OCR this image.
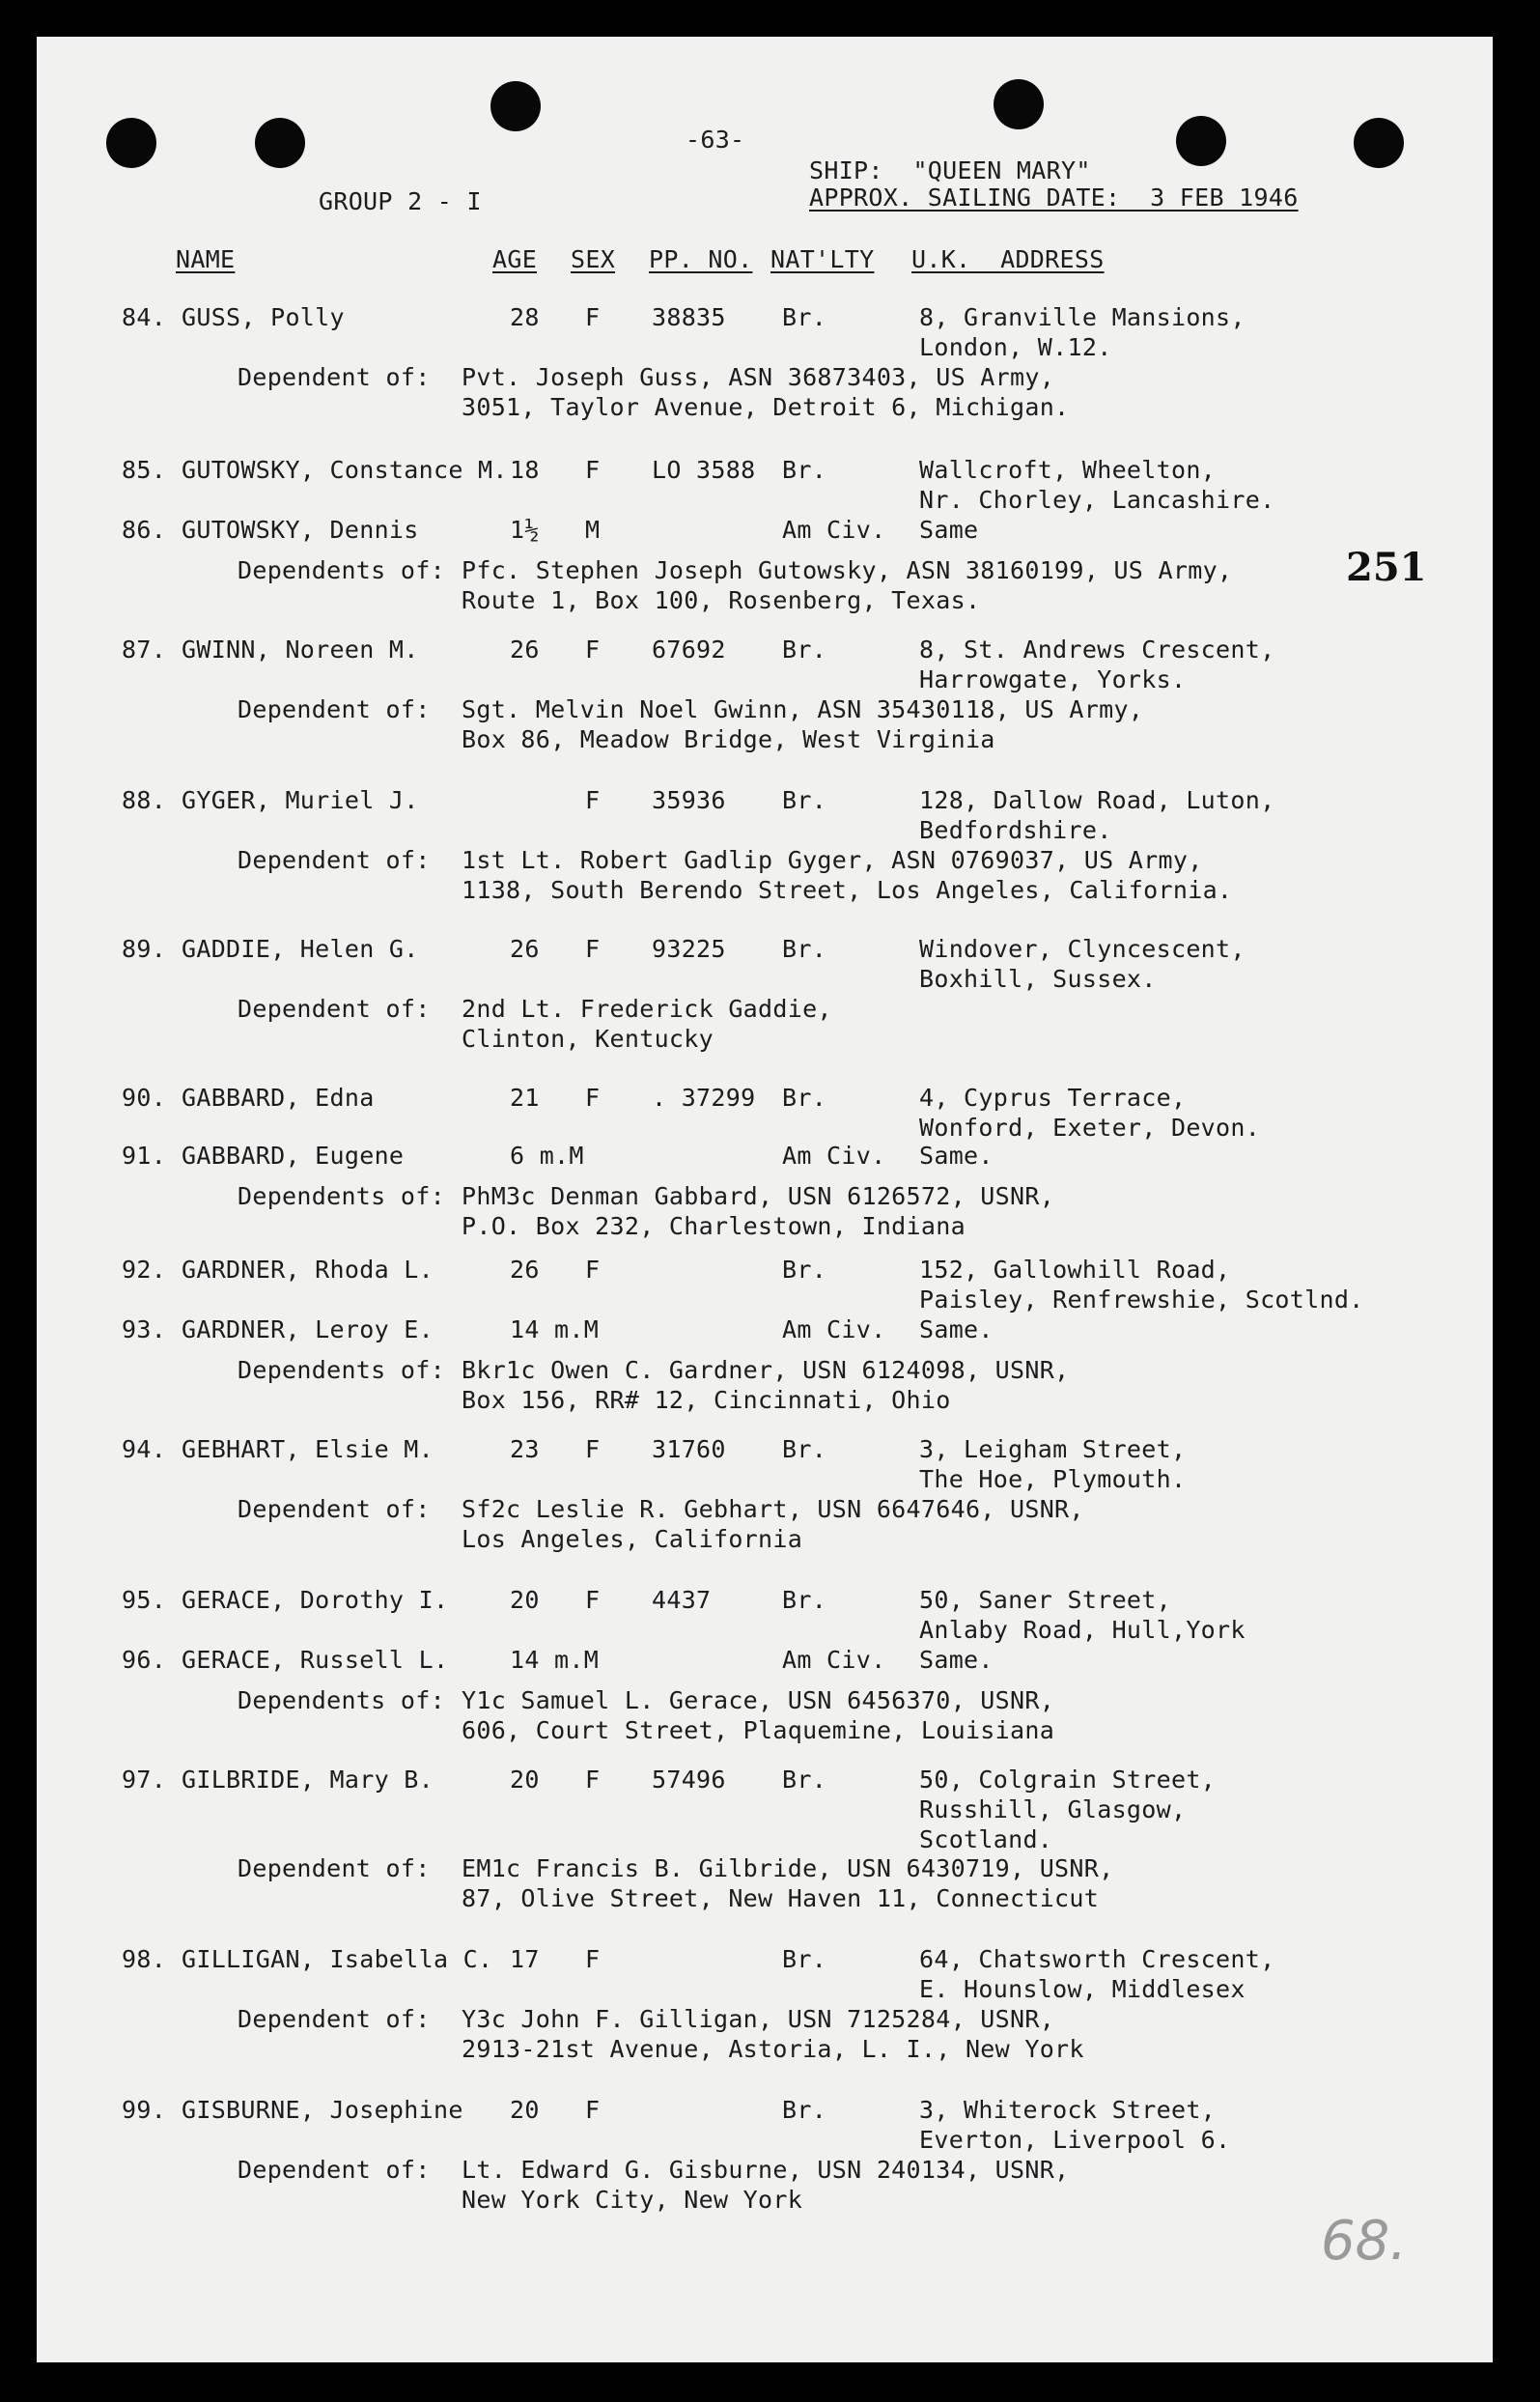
-63-
SHIP:  "QUEEN MARY"
GROUP 2 - I	APPROX. SAILING DATE:  3 FEB 1946
NAME	AGE SEX PP. NO. NAT'LTY U.K.  ADDRESS
84. GUSS, Polly	28 F 38835 Br.	8, Granville Mansions,
London, W.12.
Dependent of: Pvt. Joseph Guss, ASN 36873403, US Army,
3051, Taylor Avenue, Detroit 6, Michigan.
85. GUTOWSKY, Constance M. 18 F LO 3588 Br.	Wallcroft, Wheelton,
Nr. Chorley, Lancashire.
86. GUTOWSKY, Dennis	1½ M	Am Civ. Same
Dependents of: Pfc. Stephen Joseph Gutowsky, ASN 38160199, US Army,
Route 1, Box 100, Rosenberg, Texas.
87. GWINN, Noreen M.	26 F 67692 Br.	8, St. Andrews Crescent,
Harrowgate, Yorks.
Dependent of: Sgt. Melvin Noel Gwinn, ASN 35430118, US Army,
Box 86, Meadow Bridge, West Virginia
88. GYGER, Muriel J.	F 35936 Br.	128, Dallow Road, Luton,
Bedfordshire.
Dependent of: 1st Lt. Robert Gadlip Gyger, ASN 0769037, US Army,
1138, South Berendo Street, Los Angeles, California.
89. GADDIE, Helen G.	26 F 93225 Br.	Windover, Clyncescent,
Boxhill, Sussex.
Dependent of: 2nd Lt. Frederick Gaddie,
Clinton, Kentucky
90. GABBARD, Edna	21 F . 37299 Br.	4, Cyprus Terrace,
Wonford, Exeter, Devon.
91. GABBARD, Eugene	6 m.M	Am Civ. Same.
Dependents of: PhM3c Denman Gabbard, USN 6126572, USNR,
P.O. Box 232, Charlestown, Indiana
92. GARDNER, Rhoda L.	26 F	Br.	152, Gallowhill Road,
Paisley, Renfrewshie, Scotlnd.
93. GARDNER, Leroy E.	14 m.M	Am Civ. Same.
Dependents of: Bkr1c Owen C. Gardner, USN 6124098, USNR,
Box 156, RR# 12, Cincinnati, Ohio
94. GEBHART, Elsie M.	23 F 31760 Br.	3, Leigham Street,
The Hoe, Plymouth.
Dependent of: Sf2c Leslie R. Gebhart, USN 6647646, USNR,
Los Angeles, California
95. GERACE, Dorothy I.	20 F 4437	Br.	50, Saner Street,
Anlaby Road, Hull,York
96. GERACE, Russell L.	14 m.M	Am Civ. Same.
Dependents of: Y1c Samuel L. Gerace, USN 6456370, USNR,
606, Court Street, Plaquemine, Louisiana
97. GILBRIDE, Mary B.	20 F 57496 Br.	50, Colgrain Street,
Russhill, Glasgow,
Scotland.
Dependent of: EM1c Francis B. Gilbride, USN 6430719, USNR,
87, Olive Street, New Haven 11, Connecticut
98. GILLIGAN, Isabella C. 17 F	Br.	64, Chatsworth Crescent,
E. Hounslow, Middlesex
Dependent of: Y3c John F. Gilligan, USN 7125284, USNR,
2913-21st Avenue, Astoria, L. I., New York
99. GISBURNE, Josephine 20 F	Br.	3, Whiterock Street,
Everton, Liverpool 6.
Dependent of: Lt. Edward G. Gisburne, USN 240134, USNR,
New York City, New York
251
68.
